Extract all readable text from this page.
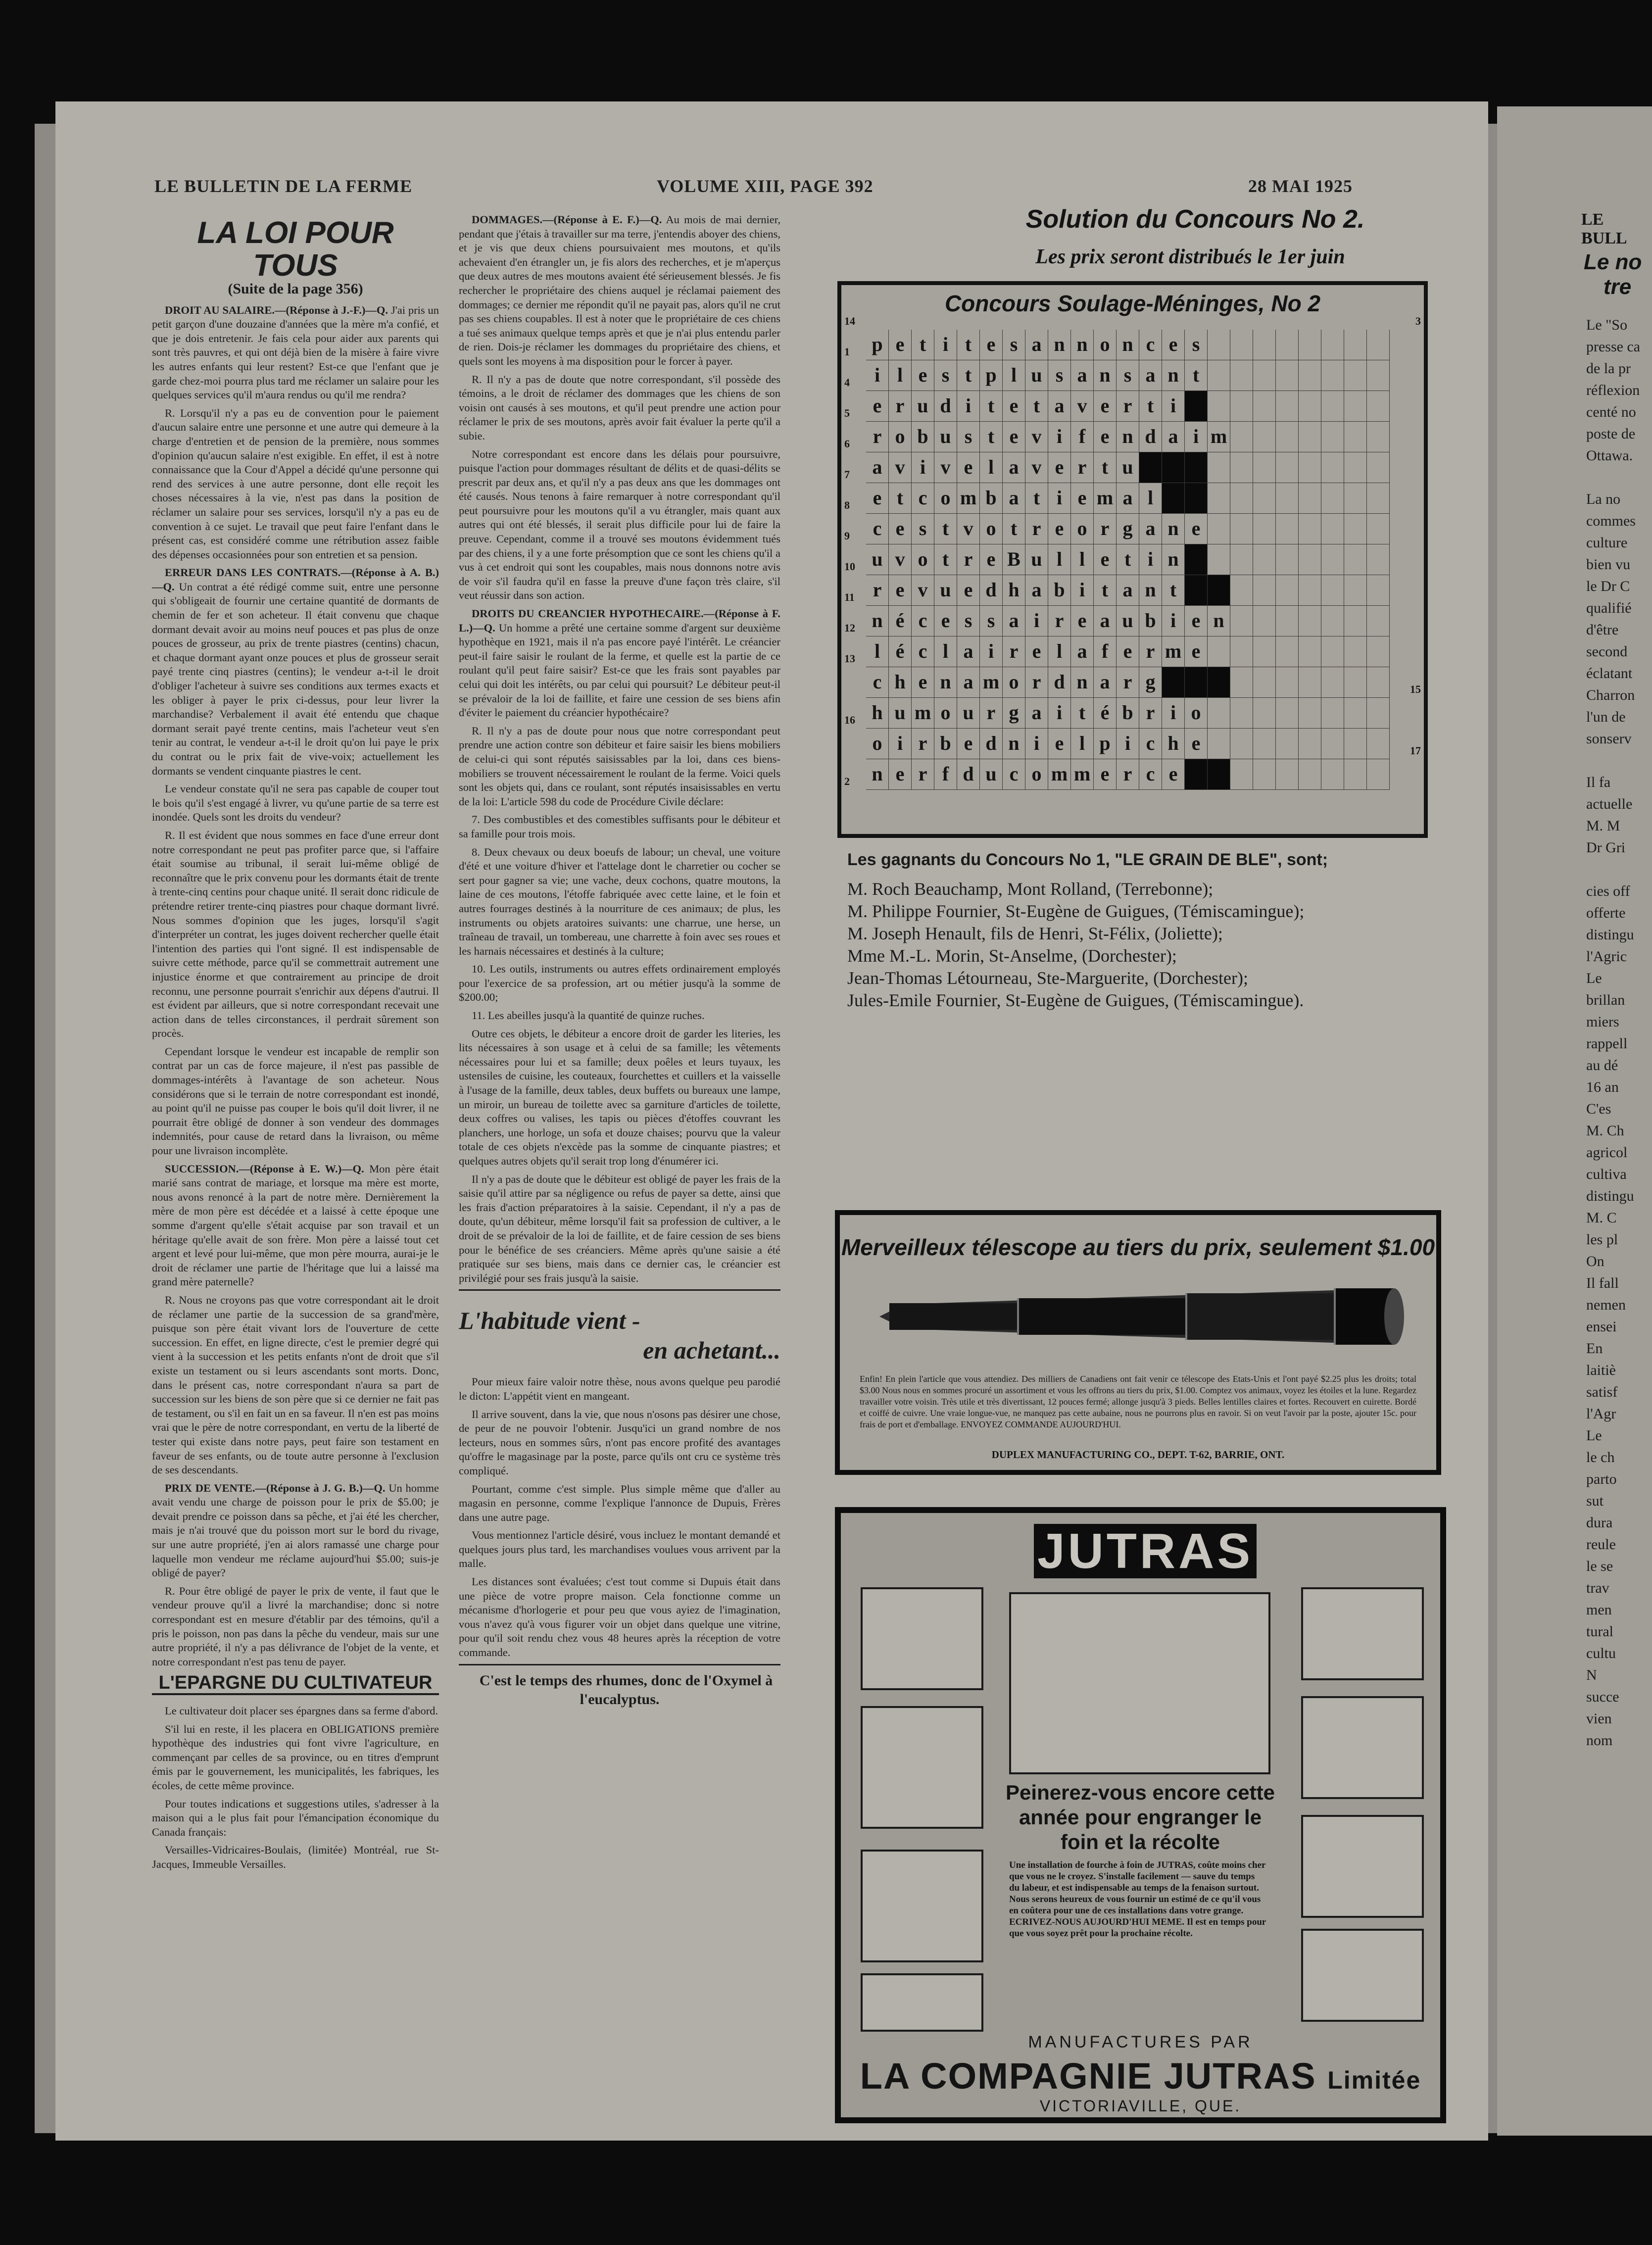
LE BULLETIN DE LA FERME	VOLUME XIII, PAGE 392	28 MAI 1925
LA LOI POUR TOUS
(Suite de la page 356)

DROIT AU SALAIRE.—(Réponse à J.-F.)—Q. J'ai pris un petit garçon d'une douzaine d'années que la mère m'a confié, et que je dois entretenir. Je fais cela pour aider aux parents qui sont très pauvres, et qui ont déjà bien de la misère à faire vivre les autres enfants qui leur restent? Est-ce que l'enfant que je garde chez-moi pourra plus tard me réclamer un salaire pour les quelques services qu'il m'aura rendus ou qu'il me rendra?

R. Lorsqu'il n'y a pas eu de convention pour le paiement d'aucun salaire entre une personne et une autre qui demeure à la charge d'entretien et de pension de la première, nous sommes d'opinion qu'aucun salaire n'est exigible. En effet, il est à notre connaissance que la Cour d'Appel a décidé qu'une personne qui rend des services à une autre personne, dont elle reçoit les choses nécessaires à la vie, n'est pas dans la position de réclamer un salaire pour ses services, lorsqu'il n'y a pas eu de convention à ce sujet. Le travail que peut faire l'enfant dans le présent cas, est considéré comme une rétribution assez faible des dépenses occasionnées pour son entretien et sa pension.

ERREUR DANS LES CONTRATS.—(Réponse à A. B.)—Q. Un contrat a été rédigé comme suit, entre une personne qui s'obligeait de fournir une certaine quantité de dormants de chemin de fer et son acheteur. Il était convenu que chaque dormant devait avoir au moins neuf pouces et pas plus de onze pouces de grosseur, au prix de trente piastres (centins) chacun, et chaque dormant ayant onze pouces et plus de grosseur serait payé trente cinq piastres (centins); le vendeur a-t-il le droit d'obliger l'acheteur à suivre ses conditions aux termes exacts et les obliger à payer le prix ci-dessus, pour leur livrer la marchandise? Verbalement il avait été entendu que chaque dormant serait payé trente centins, mais l'acheteur veut s'en tenir au contrat, le vendeur a-t-il le droit qu'on lui paye le prix du contrat ou le prix fait de vive-voix; actuellement les dormants se vendent cinquante piastres le cent.

Le vendeur constate qu'il ne sera pas capable de couper tout le bois qu'il s'est engagé à livrer, vu qu'une partie de sa terre est inondée. Quels sont les droits du vendeur?

R. Il est évident que nous sommes en face d'une erreur dont notre correspondant ne peut pas profiter parce que, si l'affaire était soumise au tribunal, il serait lui-même obligé de reconnaître que le prix convenu pour les dormants était de trente à trente-cinq centins pour chaque unité. Il serait donc ridicule de prétendre retirer trente-cinq piastres pour chaque dormant livré. Nous sommes d'opinion que les juges, lorsqu'il s'agit d'interpréter un contrat, les juges doivent rechercher quelle était l'intention des parties qui l'ont signé. Il est indispensable de suivre cette méthode, parce qu'il se commettrait autrement une injustice énorme et que contrairement au principe de droit reconnu, une personne pourrait s'enrichir aux dépens d'autrui. Il est évident par ailleurs, que si notre correspondant recevait une action dans de telles circonstances, il perdrait sûrement son procès.

Cependant lorsque le vendeur est incapable de remplir son contrat par un cas de force majeure, il n'est pas passible de dommages-intérêts à l'avantage de son acheteur. Nous considérons que si le terrain de notre correspondant est inondé, au point qu'il ne puisse pas couper le bois qu'il doit livrer, il ne pourrait être obligé de donner à son vendeur des dommages indemnités, pour cause de retard dans la livraison, ou même pour une livraison incomplète.

SUCCESSION.—(Réponse à E. W.)—Q. Mon père était marié sans contrat de mariage, et lorsque ma mère est morte, nous avons renoncé à la part de notre mère. Dernièrement la mère de mon père est décédée et a laissé à cette époque une somme d'argent qu'elle s'était acquise par son travail et un héritage qu'elle avait de son frère. Mon père a laissé tout cet argent et levé pour lui-même, que mon père mourra, aurai-je le droit de réclamer une partie de l'héritage que lui a laissé ma grand mère paternelle?

R. Nous ne croyons pas que votre correspondant ait le droit de réclamer une partie de la succession de sa grand'mère, puisque son père était vivant lors de l'ouverture de cette succession. En effet, en ligne directe, c'est le premier degré qui vient à la succession et les petits enfants n'ont de droit que s'il existe un testament ou si leurs ascendants sont morts. Donc, dans le présent cas, notre correspondant n'aura sa part de succession sur les biens de son père que si ce dernier ne fait pas de testament, ou s'il en fait un en sa faveur. Il n'en est pas moins vrai que le père de notre correspondant, en vertu de la liberté de tester qui existe dans notre pays, peut faire son testament en faveur de ses enfants, ou de toute autre personne à l'exclusion de ses descendants.

PRIX DE VENTE.—(Réponse à J. G. B.)—Q. Un homme avait vendu une charge de poisson pour le prix de $5.00; je devait prendre ce poisson dans sa pêche, et j'ai été les chercher, mais je n'ai trouvé que du poisson mort sur le bord du rivage, sur une autre propriété, j'en ai alors ramassé une charge pour laquelle mon vendeur me réclame aujourd'hui $5.00; suis-je obligé de payer?

R. Pour être obligé de payer le prix de vente, il faut que le vendeur prouve qu'il a livré la marchandise; donc si notre correspondant est en mesure d'établir par des témoins, qu'il a pris le poisson, non pas dans la pêche du vendeur, mais sur une autre propriété, il n'y a pas délivrance de l'objet de la vente, et notre correspondant n'est pas tenu de payer.

L'EPARGNE DU CULTIVATEUR

Le cultivateur doit placer ses épargnes dans sa ferme d'abord.

S'il lui en reste, il les placera en OBLIGATIONS première hypothèque des industries qui font vivre l'agriculture, en commençant par celles de sa province, ou en titres d'emprunt émis par le gouvernement, les municipalités, les fabriques, les écoles, de cette même province.

Pour toutes indications et suggestions utiles, s'adresser à la maison qui a le plus fait pour l'émancipation économique du Canada français:

Versailles-Vidricaires-Boulais, (limitée) Montréal, rue St-Jacques, Immeuble Versailles.

DOMMAGES.—(Réponse à E. F.)—Q. Au mois de mai dernier, pendant que j'étais à travailler sur ma terre, j'entendis aboyer des chiens, et je vis que deux chiens poursuivaient mes moutons, et qu'ils achevaient d'en étrangler un, je fis alors des recherches, et je m'aperçus que deux autres de mes moutons avaient été sérieusement blessés. Je fis rechercher le propriétaire des chiens auquel je réclamai paiement des dommages; ce dernier me répondit qu'il ne payait pas, alors qu'il ne crut pas ses chiens coupables. Il est à noter que le propriétaire de ces chiens a tué ses animaux quelque temps après et que je n'ai plus entendu parler de rien. Dois-je réclamer les dommages du propriétaire des chiens, et quels sont les moyens à ma disposition pour le forcer à payer.

R. Il n'y a pas de doute que notre correspondant, s'il possède des témoins, a le droit de réclamer des dommages que les chiens de son voisin ont causés à ses moutons, et qu'il peut prendre une action pour réclamer le prix de ses moutons, après avoir fait évaluer la perte qu'il a subie.

Notre correspondant est encore dans les délais pour poursuivre, puisque l'action pour dommages résultant de délits et de quasi-délits se prescrit par deux ans, et qu'il n'y a pas deux ans que les dommages ont été causés. Nous tenons à faire remarquer à notre correspondant qu'il peut poursuivre pour les moutons qu'il a vu étrangler, mais quant aux autres qui ont été blessés, il serait plus difficile pour lui de faire la preuve. Cependant, comme il a trouvé ses moutons évidemment tués par des chiens, il y a une forte présomption que ce sont les chiens qu'il a vus à cet endroit qui sont les coupables, mais nous donnons notre avis de voir s'il faudra qu'il en fasse la preuve d'une façon très claire, s'il veut réussir dans son action.

DROITS DU CREANCIER HYPOTHECAIRE.—(Réponse à F. L.)—Q. Un homme a prêté une certaine somme d'argent sur deuxième hypothèque en 1921, mais il n'a pas encore payé l'intérêt. Le créancier peut-il faire saisir le roulant de la ferme, et quelle est la partie de ce roulant qu'il peut faire saisir? Est-ce que les frais sont payables par celui qui doit les intérêts, ou par celui qui poursuit? Le débiteur peut-il se prévaloir de la loi de faillite, et faire une cession de ses biens afin d'éviter le paiement du créancier hypothécaire?

R. Il n'y a pas de doute pour nous que notre correspondant peut prendre une action contre son débiteur et faire saisir les biens mobiliers de celui-ci qui sont réputés saisissables par la loi, dans ces biens-mobiliers se trouvent nécessairement le roulant de la ferme. Voici quels sont les objets qui, dans ce roulant, sont réputés insaisissables en vertu de la loi: L'article 598 du code de Procédure Civile déclare:

7. Des combustibles et des comestibles suffisants pour le débiteur et sa famille pour trois mois.

8. Deux chevaux ou deux boeufs de labour; un cheval, une voiture d'été et une voiture d'hiver et l'attelage dont le charretier ou cocher se sert pour gagner sa vie; une vache, deux cochons, quatre moutons, la laine de ces moutons, l'étoffe fabriquée avec cette laine, et le foin et autres fourrages destinés à la nourriture de ces animaux; de plus, les instruments ou objets aratoires suivants: une charrue, une herse, un traîneau de travail, un tombereau, une charrette à foin avec ses roues et les harnais nécessaires et destinés à la culture;

10. Les outils, instruments ou autres effets ordinairement employés pour l'exercice de sa profession, art ou métier jusqu'à la somme de $200.00;

11. Les abeilles jusqu'à la quantité de quinze ruches.

Outre ces objets, le débiteur a encore droit de garder les literies, les lits nécessaires à son usage et à celui de sa famille; les vêtements nécessaires pour lui et sa famille; deux poêles et leurs tuyaux, les ustensiles de cuisine, les couteaux, fourchettes et cuillers et la vaisselle à l'usage de la famille, deux tables, deux buffets ou bureaux une lampe, un miroir, un bureau de toilette avec sa garniture d'articles de toilette, deux coffres ou valises, les tapis ou pièces d'étoffes couvrant les planchers, une horloge, un sofa et douze chaises; pourvu que la valeur totale de ces objets n'excède pas la somme de cinquante piastres; et quelques autres objets qu'il serait trop long d'énumérer ici.

Il n'y a pas de doute que le débiteur est obligé de payer les frais de la saisie qu'il attire par sa négligence ou refus de payer sa dette, ainsi que les frais d'action préparatoires à la saisie. Cependant, il n'y a pas de doute, qu'un débiteur, même lorsqu'il fait sa profession de cultiver, a le droit de se prévaloir de la loi de faillite, et de faire cession de ses biens pour le bénéfice de ses créanciers. Même après qu'une saisie a été pratiquée sur ses biens, mais dans ce dernier cas, le créancier est privilégié pour ses frais jusqu'à la saisie.

L'habitude vient -
en achetant...

Pour mieux faire valoir notre thèse, nous avons quelque peu parodié le dicton: L'appétit vient en mangeant.

Il arrive souvent, dans la vie, que nous n'osons pas désirer une chose, de peur de ne pouvoir l'obtenir. Jusqu'ici un grand nombre de nos lecteurs, nous en sommes sûrs, n'ont pas encore profité des avantages qu'offre le magasinage par la poste, parce qu'ils ont cru ce système très compliqué.

Pourtant, comme c'est simple. Plus simple même que d'aller au magasin en personne, comme l'explique l'annonce de Dupuis, Frères dans une autre page.

Vous mentionnez l'article désiré, vous incluez le montant demandé et quelques jours plus tard, les marchandises voulues vous arrivent par la malle.

Les distances sont évaluées; c'est tout comme si Dupuis était dans une pièce de votre propre maison. Cela fonctionne comme un mécanisme d'horlogerie et pour peu que vous ayiez de l'imagination, vous n'avez qu'à vous figurer voir un objet dans quelque une vitrine, pour qu'il soit rendu chez vous 48 heures après la réception de votre commande.

C'est le temps des rhumes, donc de l'Oxymel à l'eucalyptus.

Solution du Concours No 2.
Les prix seront distribués le 1er juin
Concours Soulage-Méninges, No 2
p e t i t e s a n n o n c e s
i l e s t p l u s a n s a n t
e r u d i t e t a v e r t i
r o b u s t e v i f e n d a i m
a v i v e l a v e r t u
e t c o m b a t i e m a l
c e s t v o t r e o r g a n e
u v o t r e B u l l e t i n
r e v u e d h a b i t a n t
n é c e s s a i r e a u b i e n
l é c l a i r e l a f e r m e
c h e n a m o r d n a r g
h u m o u r g a i t é b r i o
o i r b e d n i e l p i c h e
n e r f d u c o m m e r c e
14
1
4
5
6
7
8
9
10
11
12
13
16
2
3
15
17
Les gagnants du Concours No 1, "LE GRAIN DE BLE", sont;
M. Roch Beauchamp, Mont Rolland, (Terrebonne);
M. Philippe Fournier, St-Eugène de Guigues, (Témiscamingue);
M. Joseph Henault, fils de Henri, St-Félix, (Joliette);
Mme M.-L. Morin, St-Anselme, (Dorchester);
Jean-Thomas Létourneau, Ste-Marguerite, (Dorchester);
Jules-Emile Fournier, St-Eugène de Guigues, (Témiscamingue).
Merveilleux télescope au tiers du prix, seulement $1.00
Enfin! En plein l'article que vous attendiez. Des milliers de Canadiens ont fait venir ce télescope des Etats-Unis et l'ont payé $2.25 plus les droits; total $3.00 Nous nous en sommes procuré un assortiment et vous les offrons au tiers du prix, $1.00. Comptez vos animaux, voyez les étoiles et la lune. Regardez travailler votre voisin. Très utile et très divertissant, 12 pouces fermé; allonge jusqu'à 3 pieds. Belles lentilles claires et fortes. Recouvert en cuirette. Bordé et coiffé de cuivre. Une vraie longue-vue, ne manquez pas cette aubaine, nous ne pourrons plus en ravoir. Si on veut l'avoir par la poste, ajouter 15c. pour frais de port et d'emballage. ENVOYEZ COMMANDE AUJOURD'HUI.
DUPLEX MANUFACTURING CO., DEPT. T-62, BARRIE, ONT.
JUTRAS
Peinerez-vous encore cette année pour engranger le foin et la récolte
Une installation de fourche à foin de JUTRAS, coûte moins cher que vous ne le croyez. S'installe facilement — sauve du temps du labeur, et est indispensable au temps de la fenaison surtout. Nous serons heureux de vous fournir un estimé de ce qu'il vous en coûtera pour une de ces installations dans votre grange. ECRIVEZ-NOUS AUJOURD'HUI MEME. Il est en temps pour que vous soyez prêt pour la prochaine récolte.
MANUFACTURES PAR
LA COMPAGNIE JUTRAS Limitée
VICTORIAVILLE, QUE.
LE BULL
Le no
tre
Le "So
presse ca
de la pr
réflexion
centé no
poste de
Ottawa.

La no
commes
culture
bien vu
le Dr C
qualifié
d'être
second
éclatant
Charron
l'un de
sonserv

Il fa
actuelle
M. M
Dr Gri

cies off
offerte
distingu
l'Agric
Le
brillan
miers
rappell
au dé
16 an
C'es
M. Ch
agricol
cultiva
distingu
M. C
les pl
On
Il fall
nemen
ensei
En
laitiè
satisf
l'Agr
Le
le ch
parto
sut
dura
reule
le se
trav
men
tural
cultu
N
succe
vien
nom
